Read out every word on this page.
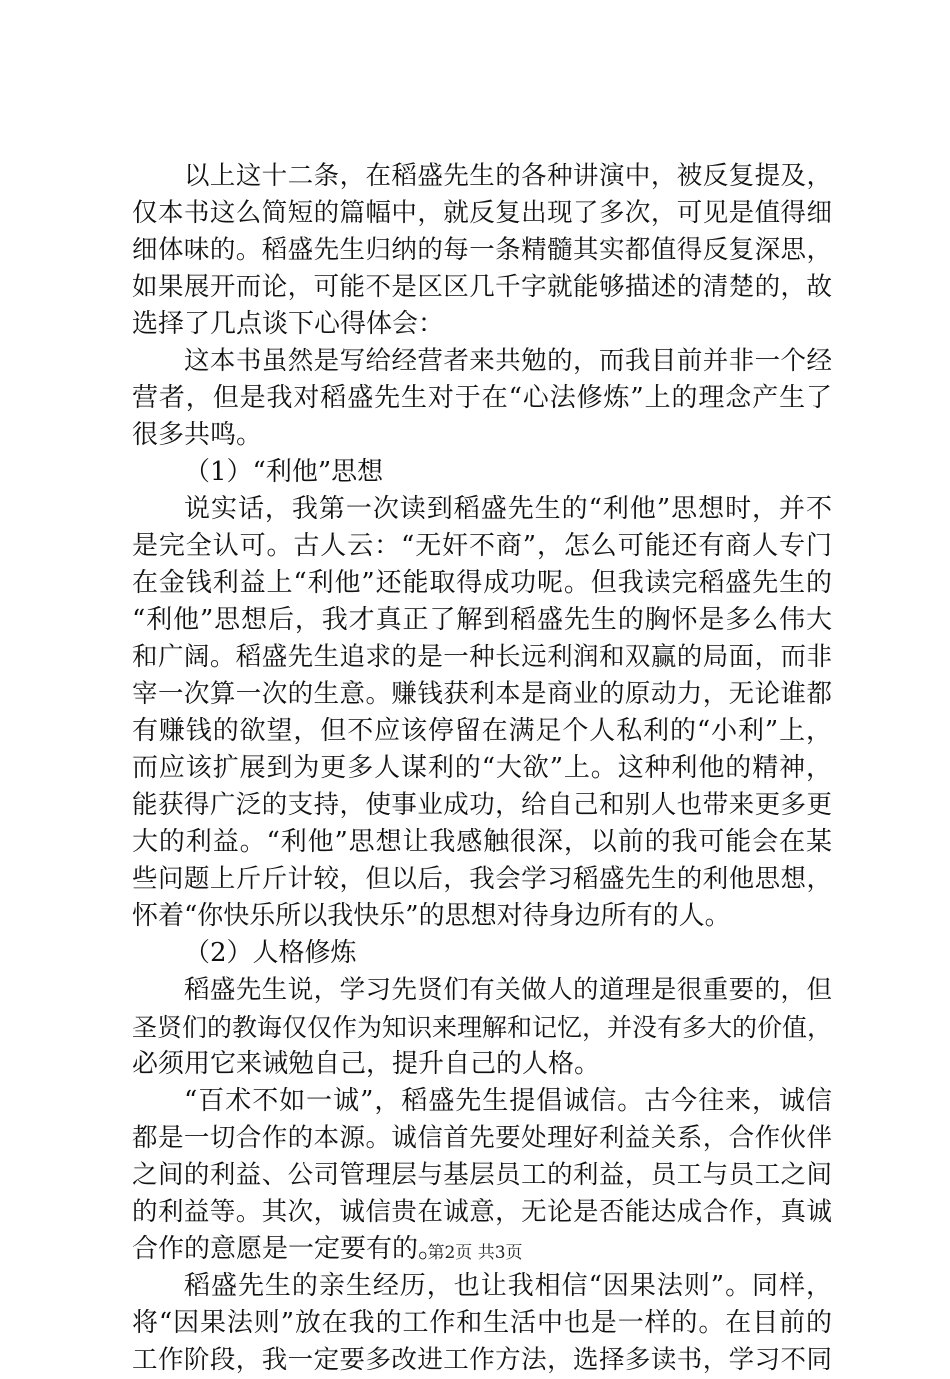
以上这十二条，在稻盛先生的各种讲演中，被反复提及，
仅本书这么简短的篇幅中，就反复出现了多次，可见是值得细
细体味的。稻盛先生归纳的每一条精髓其实都值得反复深思，
如果展开而论，可能不是区区几千字就能够描述的清楚的，故
选择了几点谈下心得体会：
这本书虽然是写给经营者来共勉的，而我目前并非一个经
营者，但是我对稻盛先生对于在“心法修炼”上的理念产生了
很多共鸣。
（1）“利他”思想
说实话，我第一次读到稻盛先生的“利他”思想时，并不
是完全认可。古人云：“无奸不商”，怎么可能还有商人专门
在金钱利益上“利他”还能取得成功呢。但我读完稻盛先生的
“利他”思想后，我才真正了解到稻盛先生的胸怀是多么伟大
和广阔。稻盛先生追求的是一种长远利润和双赢的局面，而非
宰一次算一次的生意。赚钱获利本是商业的原动力，无论谁都
有赚钱的欲望，但不应该停留在满足个人私利的“小利”上，
而应该扩展到为更多人谋利的“大欲”上。这种利他的精神，
能获得广泛的支持，使事业成功，给自己和别人也带来更多更
大的利益。“利他”思想让我感触很深，以前的我可能会在某
些问题上斤斤计较，但以后，我会学习稻盛先生的利他思想，
怀着“你快乐所以我快乐”的思想对待身边所有的人。
（2）人格修炼
稻盛先生说，学习先贤们有关做人的道理是很重要的，但
圣贤们的教诲仅仅作为知识来理解和记忆，并没有多大的价值，
必须用它来诫勉自己，提升自己的人格。
“百术不如一诚”，稻盛先生提倡诚信。古今往来，诚信
都是一切合作的本源。诚信首先要处理好利益关系，合作伙伴
之间的利益、公司管理层与基层员工的利益，员工与员工之间
的利益等。其次，诚信贵在诚意，无论是否能达成合作，真诚
合作的意愿是一定要有的。
稻盛先生的亲生经历，也让我相信“因果法则”。同样，
将“因果法则”放在我的工作和生活中也是一样的。在目前的
工作阶段，我一定要多改进工作方法，选择多读书，学习不同
第2页 共3页
